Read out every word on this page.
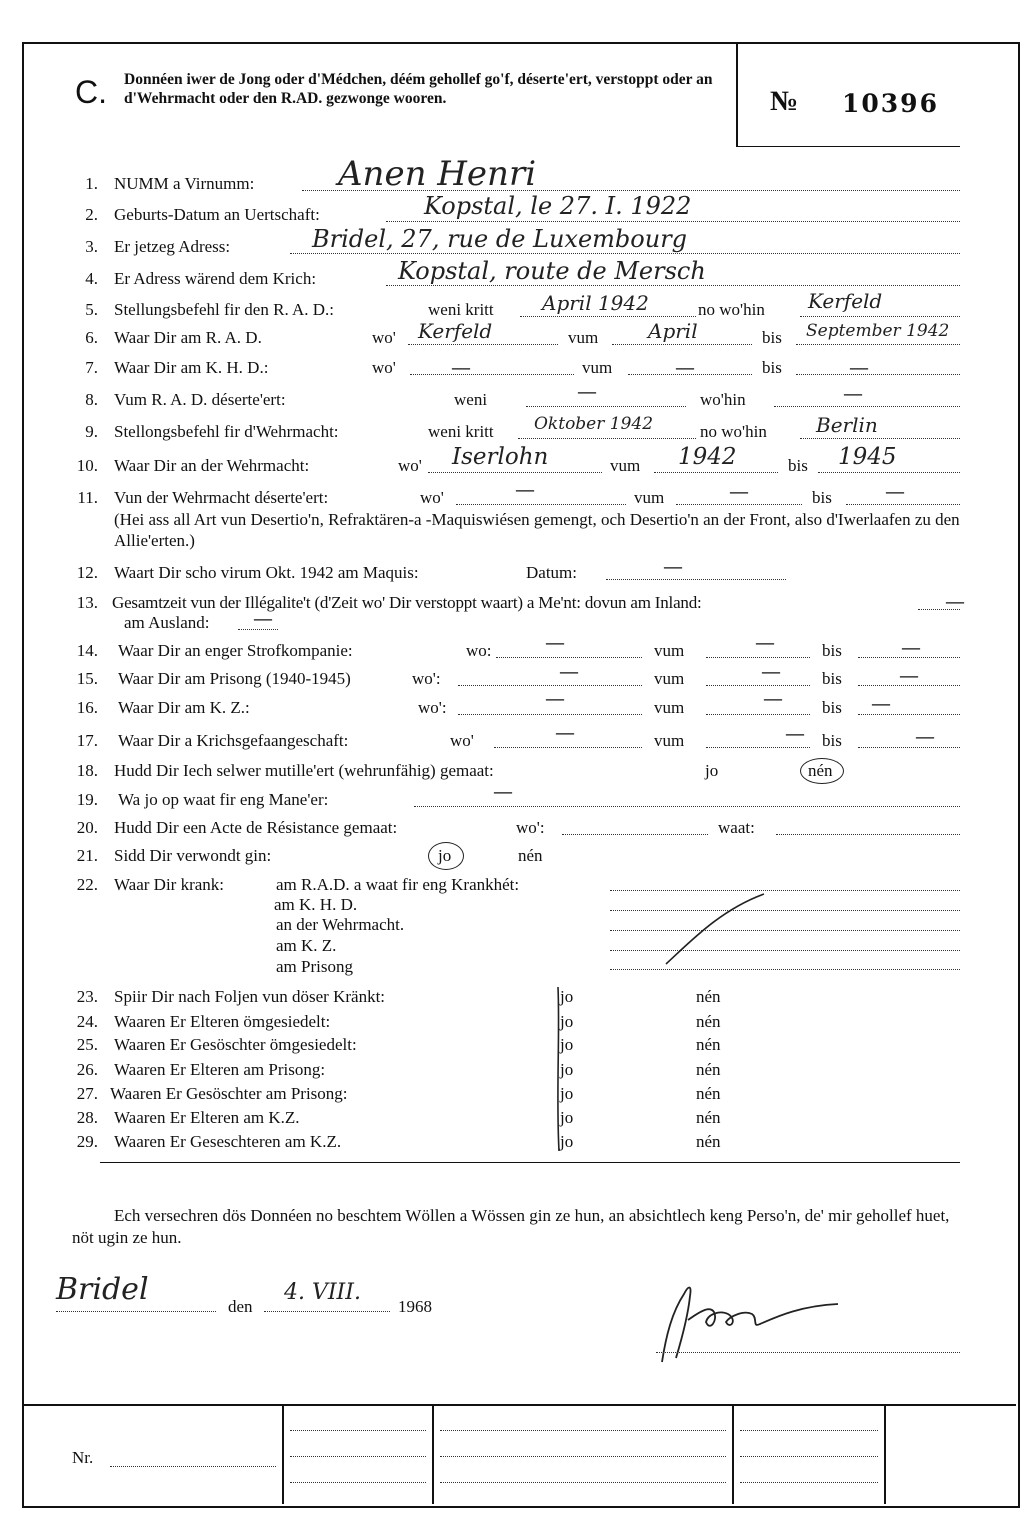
C. Donnéen iwer de Jong oder d'Médchen, déém gehollef go'f, déserte'ert, verstoppt oder an d'Wehrmacht oder den R.AD. gezwonge wooren.	№ 10396
1. NUMM a Virnumm: Anen Henri
2. Geburts-Datum an Uertschaft:	Kopstal, le 27. I. 1922
3. Er jetzeg Adress:	Bridel, 27, rue de Luxembourg
4. Er Adress wärend dem Krich:	Kopstal, route de Mersch
5. Stellungsbefehl fir den R. A. D.:	weni kritt April 1942	no wo'hin Kerfeld
6. Waar Dir am R. A. D.	wo' Kerfeld	vum April	bis September 1942
7. Waar Dir am K. H. D.:	wo'	—	vum	—	bis	—
8. Vum R. A. D. déserte'ert:	weni	—	wo'hin	—
9. Stellongsbefehl fir d'Wehrmacht:	weni kritt Oktober 1942	no wo'hin Berlin
10. Waar Dir an der Wehrmacht:	wo' Iserlohn	vum 1942	bis 1945
11. Vun der Wehrmacht déserte'ert:	wo'	—	vum	—	bis	—
(Hei ass all Art vun Desertio'n, Refraktären-a -Maquiswiésen gemengt, och Desertio'n an der Front, also d'Iwerlaafen zu den Allie'erten.)
12. Waart Dir scho virum Okt. 1942 am Maquis:	Datum:	—
13. Gesamtzeit vun der Illégalite't (d'Zeit wo' Dir verstoppt waart) a Me'nt: dovun am Inland:	—
am Ausland: —
14. Waar Dir an enger Strofkompanie:	wo:	—	vum	—	bis	—
15. Waar Dir am Prisong (1940-1945)	wo':	—	vum	— bis	—
16. Waar Dir am K. Z.:	wo':	—	vum	— bis —
17. Waar Dir a Krichsgefaangeschaft:	wo'	—	vum	— bis	—
18. Hudd Dir Iech selwer mutille'ert (wehrunfähig) gemaat:	jo	nén
19. Wa jo op waat fir eng Mane'er:	—
20. Hudd Dir een Acte de Résistance gemaat:	wo':	waat:
21. Sidd Dir verwondt gin:	jo	nén
22. Waar Dir krank:	am R.A.D. a waat fir eng Krankhét:
am K. H. D.
an der Wehrmacht.
am K. Z.
am Prisong
23. Spiir Dir nach Foljen vun döser Kränkt:	jo	nén
24. Waaren Er Elteren ömgesiedelt:	jo	nén
25. Waaren Er Gesöschter ömgesiedelt:	jo	nén
26. Waaren Er Elteren am Prisong:	jo	nén
27. Waaren Er Gesöschter am Prisong:	jo	nén
28. Waaren Er Elteren am K.Z.	jo	nén
29. Waaren Er Geseschteren am K.Z.	jo	nén
Ech versechren dös Donnéen no beschtem Wöllen a Wössen gin ze hun, an absichtlech keng Perso'n, de' mir gehollef huet, nöt ugin ze hun.
Bridel	den
4. VIII.
1968
Nr.
